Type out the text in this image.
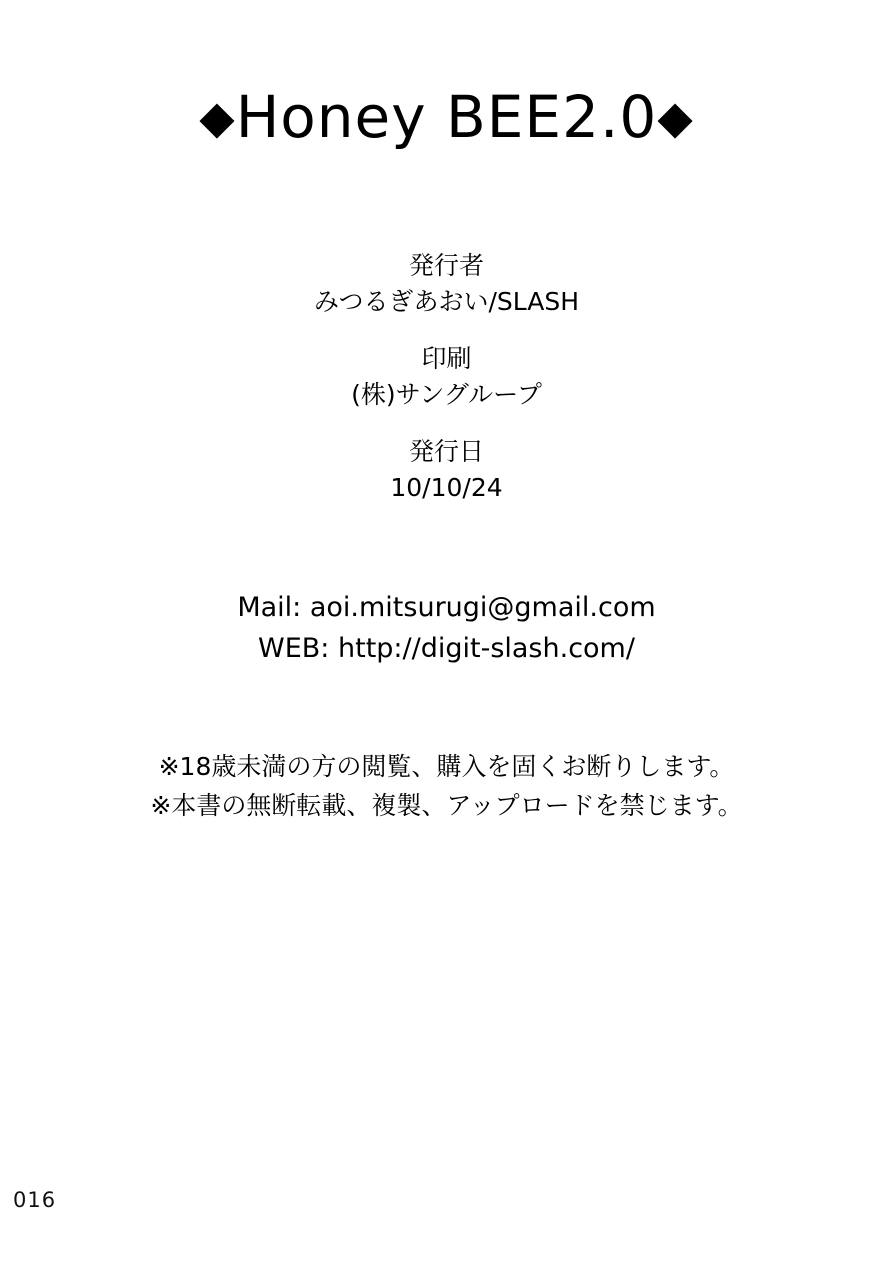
◆Honey BEE2.0◆
発行者
みつるぎあおい/SLASH
印刷
(株)サングループ
発行日
10/10/24
Mail: aoi.mitsurugi@gmail.com
WEB: http://digit-slash.com/
※18歳未満の方の閲覧、購入を固くお断りします。
※本書の無断転載、複製、アップロードを禁じます。
016
